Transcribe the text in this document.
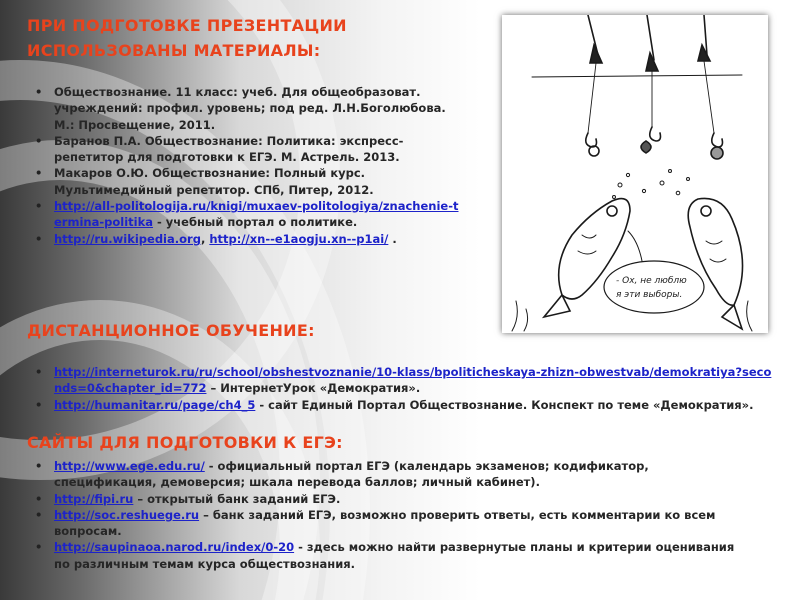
ПРИ ПОДГОТОВКЕ ПРЕЗЕНТАЦИИ ИСПОЛЬЗОВАНЫ МАТЕРИАЛЫ:
• Обществознание. 11 класс: учеб. Для общеобразоват. учреждений: профил. уровень; под ред. Л.Н.Боголюбова. М.: Просвещение, 2011.
• Баранов П.А. Обществознание: Политика: экспресс-репетитор для подготовки к ЕГЭ. М. Астрель. 2013.
• Макаров О.Ю. Обществознание: Полный курс. Мультимедийный репетитор. СПб, Питер, 2012.
• http://all-politologija.ru/knigi/muxaev-politologiya/znachenie-termina-politika - учебный портал о политике.
• http://ru.wikipedia.org, http://xn--e1aogju.xn--p1ai/ .
- Ох, не люблю
я эти выборы.
ДИСТАНЦИОННОЕ ОБУЧЕНИЕ:
• http://interneturok.ru/ru/school/obshestvoznanie/10-klass/bpoliticheskaya-zhizn-obwestvab/demokratiya?seconds=0&chapter_id=772 – ИнтернетУрок «Демократия».
• http://humanitar.ru/page/ch4_5 - сайт Единый Портал Обществознание. Конспект по теме «Демократия».
САЙТЫ ДЛЯ ПОДГОТОВКИ К ЕГЭ:
• http://www.ege.edu.ru/ - официальный портал ЕГЭ (календарь экзаменов; кодификатор, спецификация, демоверсия; шкала перевода баллов; личный кабинет).
• http://fipi.ru – открытый банк заданий ЕГЭ.
• http://soc.reshuege.ru – банк заданий ЕГЭ, возможно проверить ответы, есть комментарии ко всем вопросам.
• http://saupinaoa.narod.ru/index/0-20 - здесь можно найти развернутые планы и критерии оценивания по различным темам курса обществознания.
